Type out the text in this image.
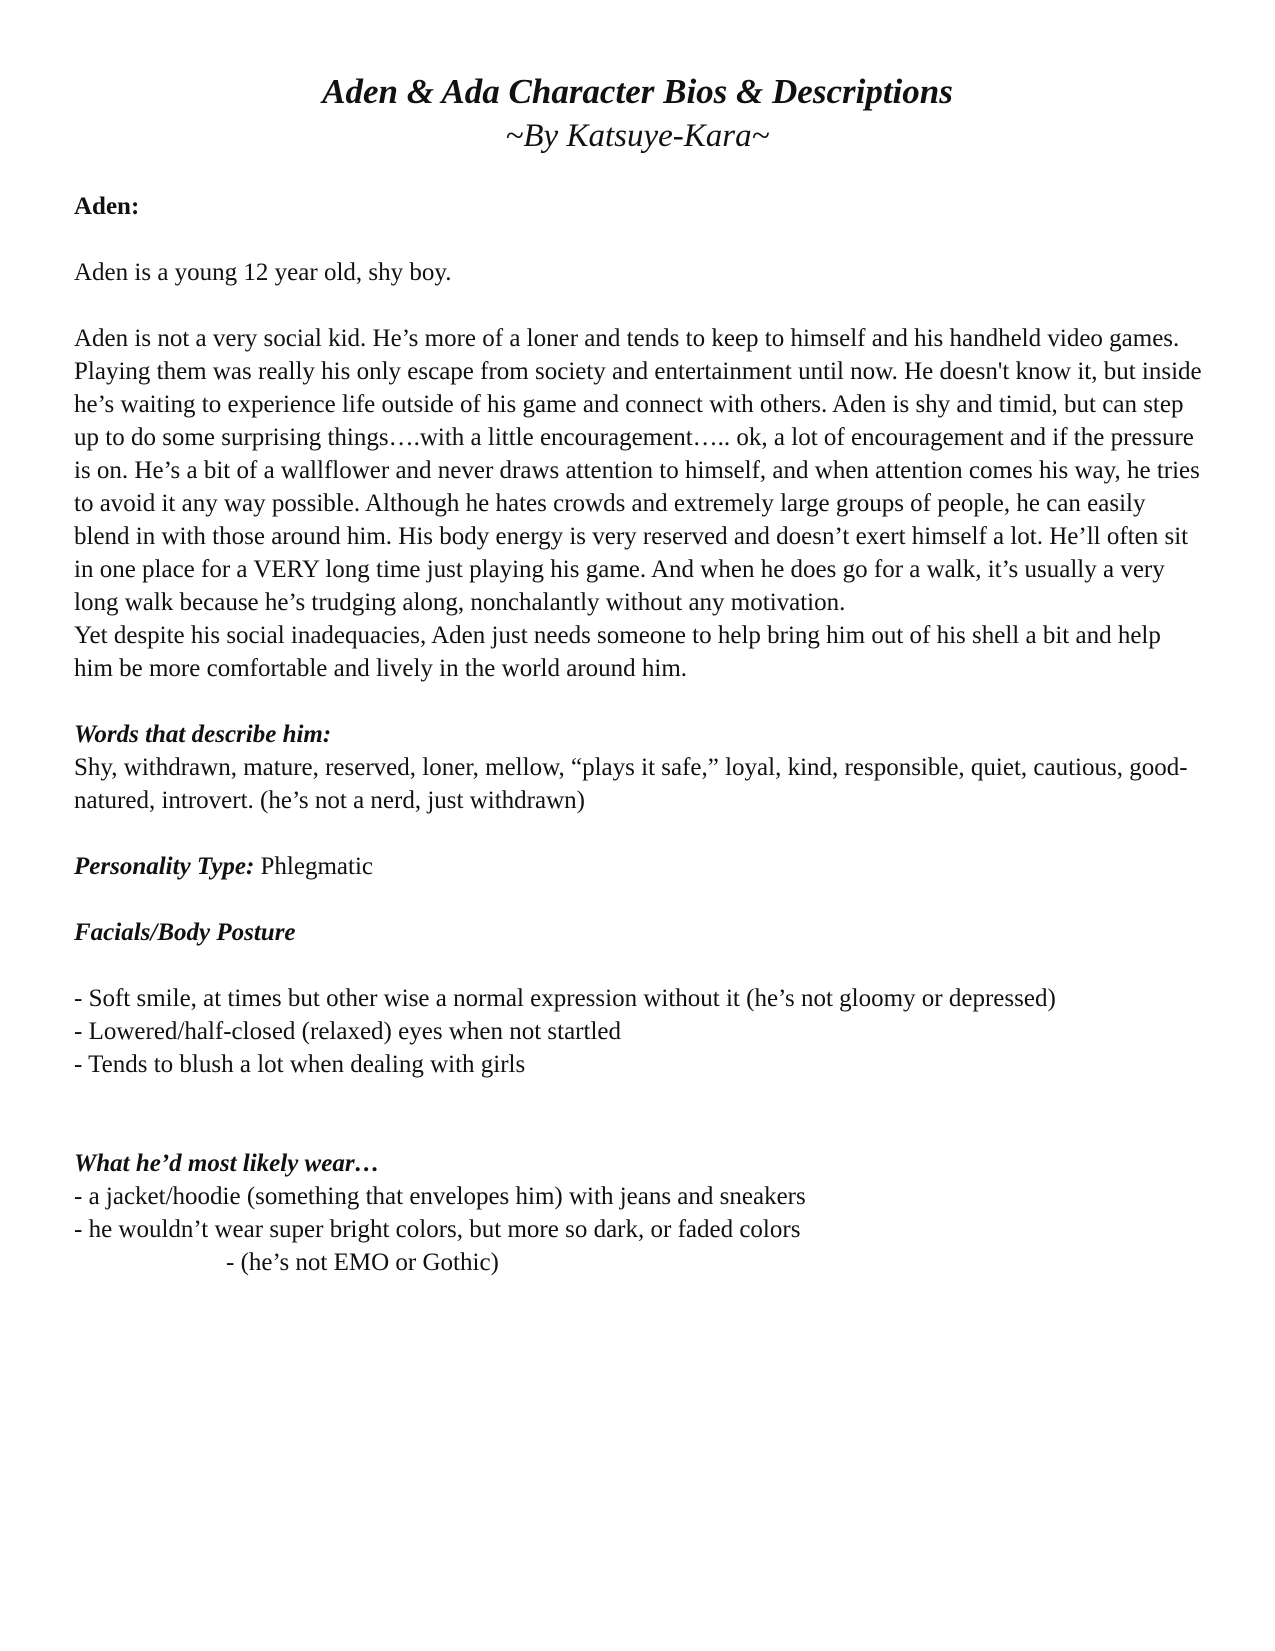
Aden & Ada Character Bios & Descriptions

~By Katsuye-Kara~

Aden:

Aden is a young 12 year old, shy boy.

Aden is not a very social kid. He’s more of a loner and tends to keep to himself and his handheld video games. Playing them was really his only escape from society and entertainment until now. He doesn't know it, but inside he’s waiting to experience life outside of his game and connect with others. Aden is shy and timid, but can step up to do some surprising things….with a little encouragement….. ok, a lot of encouragement and if the pressure is on. He’s a bit of a wallflower and never draws attention to himself, and when attention comes his way, he tries to avoid it any way possible. Although he hates crowds and extremely large groups of people, he can easily blend in with those around him. His body energy is very reserved and doesn’t exert himself a lot. He’ll often sit in one place for a VERY long time just playing his game. And when he does go for a walk, it’s usually a very long walk because he’s trudging along, nonchalantly without any motivation.

Yet despite his social inadequacies, Aden just needs someone to help bring him out of his shell a bit and help him be more comfortable and lively in the world around him.

Words that describe him:

Shy, withdrawn, mature, reserved, loner, mellow, “plays it safe,” loyal, kind, responsible, quiet, cautious, good-natured, introvert. (he’s not a nerd, just withdrawn)

Personality Type: Phlegmatic

Facials/Body Posture

- Soft smile, at times but other wise a normal expression without it (he’s not gloomy or depressed)

- Lowered/half-closed (relaxed) eyes when not startled

- Tends to blush a lot when dealing with girls

What he’d most likely wear…

- a jacket/hoodie (something that envelopes him) with jeans and sneakers

- he wouldn’t wear super bright colors, but more so dark, or faded colors

- (he’s not EMO or Gothic)
